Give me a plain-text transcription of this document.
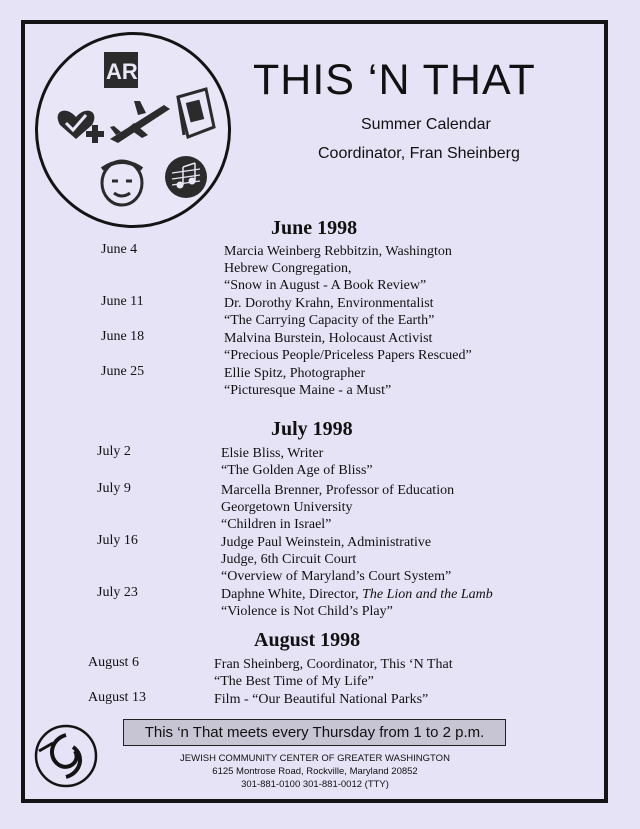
ART THIS ‘N THAT
Summer Calendar
Coordinator, Fran Sheinberg
June 1998
June 4	Marcia Weinberg Rebbitzin, Washington
Hebrew Congregation,
“Snow in August - A Book Review”
June 11	Dr. Dorothy Krahn, Environmentalist
“The Carrying Capacity of the Earth”
June 18	Malvina Burstein, Holocaust Activist
“Precious People/Priceless Papers Rescued”
June 25	Ellie Spitz, Photographer
“Picturesque Maine - a Must”
July 1998
July 2	Elsie Bliss, Writer
“The Golden Age of Bliss”
July 9	Marcella Brenner, Professor of Education
Georgetown University
“Children in Israel”
July 16	Judge Paul Weinstein, Administrative
Judge, 6th Circuit Court
“Overview of Maryland’s Court System”
July 23	Daphne White, Director, The Lion and the Lamb
“Violence is Not Child’s Play”
August 1998
August 6	Fran Sheinberg, Coordinator, This ‘N That
“The Best Time of My Life”
August 13	Film - “Our Beautiful National Parks”
This ‘n That meets every Thursday from 1 to 2 p.m.
JEWISH COMMUNITY CENTER OF GREATER WASHINGTON
6125 Montrose Road, Rockville, Maryland 20852
301-881-0100 301-881-0012 (TTY)
